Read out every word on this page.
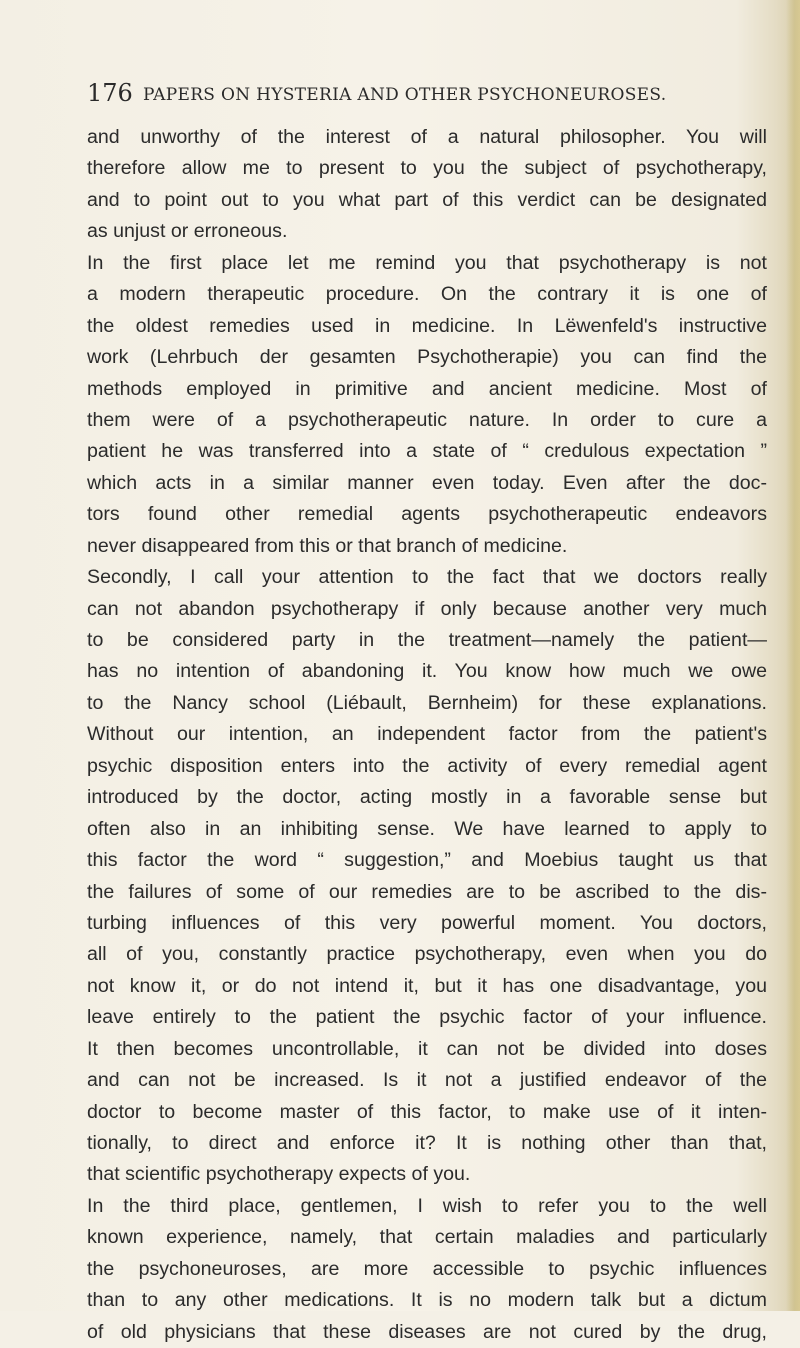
176 PAPERS ON HYSTERIA AND OTHER PSYCHONEUROSES.
and unworthy of the interest of a natural philosopher. You will
therefore allow me to present to you the subject of psychotherapy,
and to point out to you what part of this verdict can be designated
as unjust or erroneous.
In the first place let me remind you that psychotherapy is not
a modern therapeutic procedure. On the contrary it is one of
the oldest remedies used in medicine. In Lëwenfeld's instructive
work (Lehrbuch der gesamten Psychotherapie) you can find the
methods employed in primitive and ancient medicine. Most of
them were of a psychotherapeutic nature. In order to cure a
patient he was transferred into a state of “ credulous expectation ”
which acts in a similar manner even today. Even after the doc-
tors found other remedial agents psychotherapeutic endeavors
never disappeared from this or that branch of medicine.
Secondly, I call your attention to the fact that we doctors really
can not abandon psychotherapy if only because another very much
to be considered party in the treatment—namely the patient—
has no intention of abandoning it. You know how much we owe
to the Nancy school (Liébault, Bernheim) for these explanations.
Without our intention, an independent factor from the patient's
psychic disposition enters into the activity of every remedial agent
introduced by the doctor, acting mostly in a favorable sense but
often also in an inhibiting sense. We have learned to apply to
this factor the word “ suggestion,” and Moebius taught us that
the failures of some of our remedies are to be ascribed to the dis-
turbing influences of this very powerful moment. You doctors,
all of you, constantly practice psychotherapy, even when you do
not know it, or do not intend it, but it has one disadvantage, you
leave entirely to the patient the psychic factor of your influence.
It then becomes uncontrollable, it can not be divided into doses
and can not be increased. Is it not a justified endeavor of the
doctor to become master of this factor, to make use of it inten-
tionally, to direct and enforce it? It is nothing other than that,
that scientific psychotherapy expects of you.
In the third place, gentlemen, I wish to refer you to the well
known experience, namely, that certain maladies and particularly
the psychoneuroses, are more accessible to psychic influences
than to any other medications. It is no modern talk but a dictum
of old physicians that these diseases are not cured by the drug,
